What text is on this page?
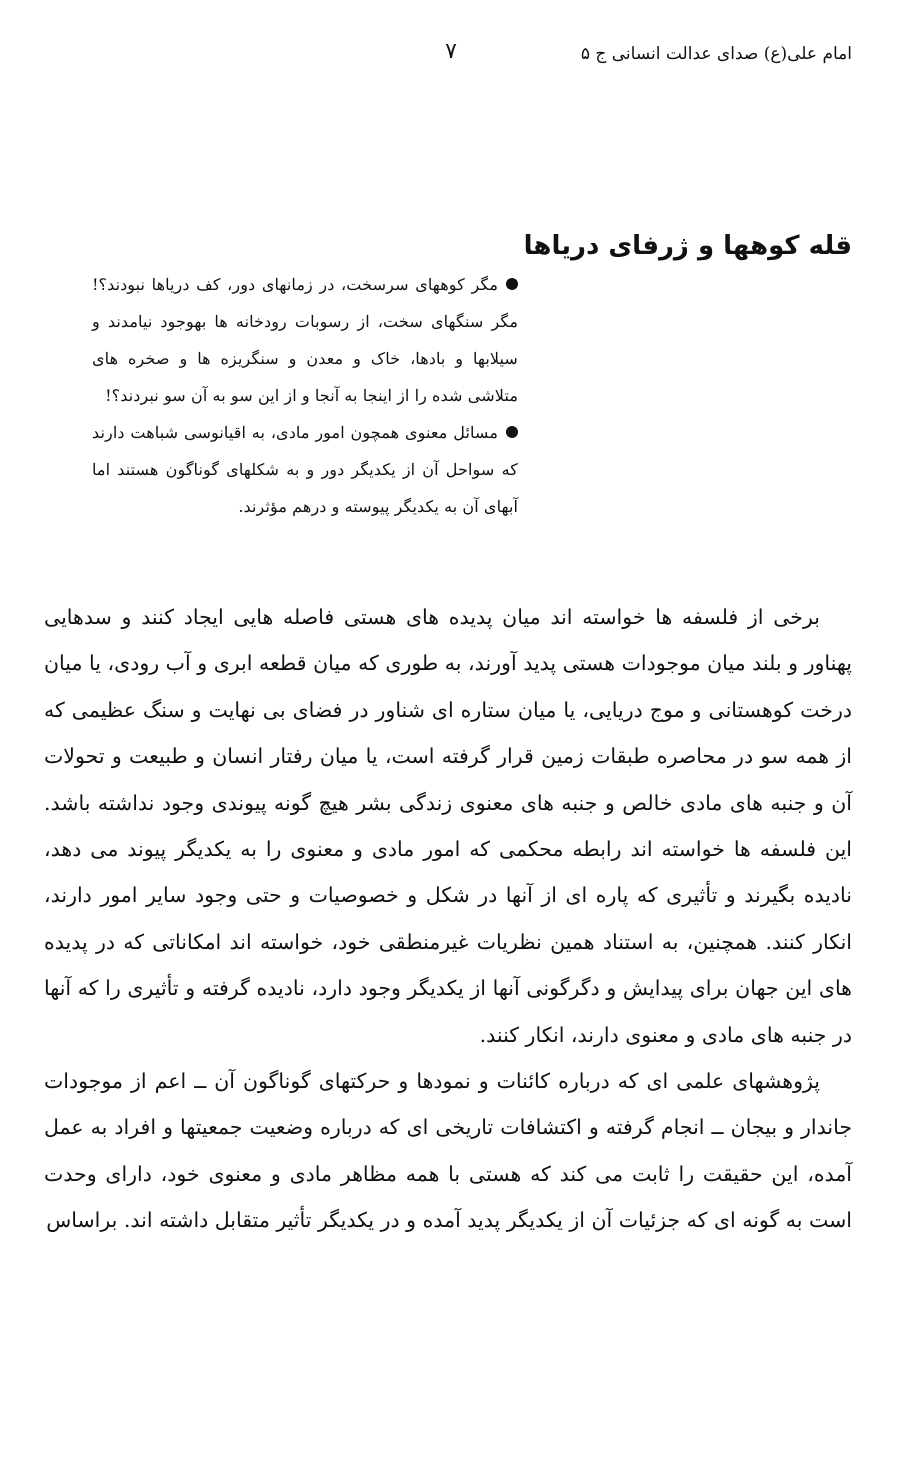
امام علی(ع) صدای عدالت انسانی ج ۵
۷
قله کوهها و ژرفای دریاها

مگر کوههای سرسخت، در زمانهای دور، کف دریاها نبودند؟! مگر سنگهای سخت، از رسوبات رودخانه ها بهوجود نیامدند و سیلابها و بادها، خاک و معدن و سنگریزه ها و صخره های متلاشی شده را از اینجا به آنجا و از این سو به آن سو نبردند؟!

مسائل معنوی همچون امور مادی، به اقیانوسی شباهت دارند که سواحل آن از یکدیگر دور و به شکلهای گوناگون هستند اما آبهای آن به یکدیگر پیوسته و درهم مؤثرند.

برخی از فلسفه ها خواسته اند میان پدیده های هستی فاصله هایی ایجاد کنند و سدهایی پهناور و بلند میان موجودات هستی پدید آورند، به طوری که میان قطعه ابری و آب رودی، یا میان درخت کوهستانی و موج دریایی، یا میان ستاره ای شناور در فضای بی نهایت و سنگ عظیمی که از همه سو در محاصره طبقات زمین قرار گرفته است، یا میان رفتار انسان و طبیعت و تحولات آن و جنبه های مادی خالص و جنبه های معنوی زندگی بشر هیچ گونه پیوندی وجود نداشته باشد. این فلسفه ها خواسته اند رابطه محکمی که امور مادی و معنوی را به یکدیگر پیوند می دهد، نادیده بگیرند و تأثیری که پاره ای از آنها در شکل و خصوصیات و حتی وجود سایر امور دارند، انکار کنند. همچنین، به استناد همین نظریات غیرمنطقی خود، خواسته اند امکاناتی که در پدیده های این جهان برای پیدایش و دگرگونی آنها از یکدیگر وجود دارد، نادیده گرفته و تأثیری را که آنها در جنبه های مادی و معنوی دارند، انکار کنند.

پژوهشهای علمی ای که درباره کائنات و نمودها و حرکتهای گوناگون آن ــ اعم از موجودات جاندار و بیجان ــ انجام گرفته و اکتشافات تاریخی ای که درباره وضعیت جمعیتها و افراد به عمل آمده، این حقیقت را ثابت می کند که هستی با همه مظاهر مادی و معنوی خود، دارای وحدت است به گونه ای که جزئیات آن از یکدیگر پدید آمده و در یکدیگر تأثیر متقابل داشته اند. براساس
